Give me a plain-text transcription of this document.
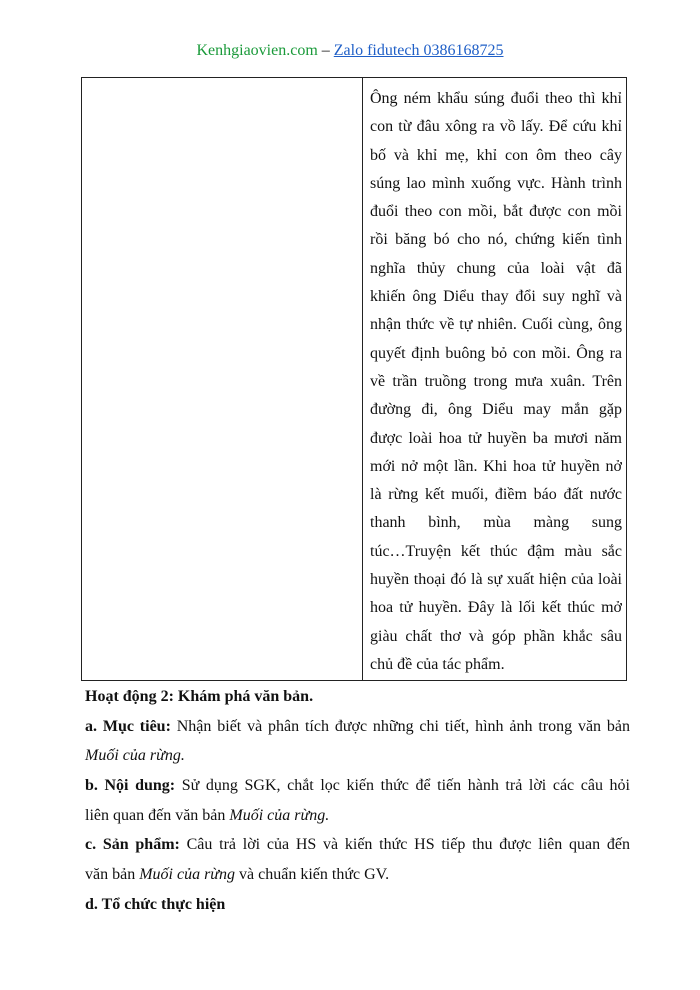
Kenhgiaovien.com – Zalo fidutech 0386168725
Ông ném khẩu súng đuổi theo thì khỉ
con từ đâu xông ra vồ lấy. Để cứu khỉ
bố và khỉ mẹ, khỉ con ôm theo cây
súng lao mình xuống vực. Hành trình
đuổi theo con mồi, bắt được con mồi
rồi băng bó cho nó, chứng kiến tình
nghĩa thủy chung của loài vật đã
khiến ông Diểu thay đổi suy nghĩ và
nhận thức về tự nhiên. Cuối cùng, ông
quyết định buông bỏ con mồi. Ông ra
về trần truồng trong mưa xuân. Trên
đường đi, ông Diểu may mắn gặp
được loài hoa tử huyền ba mươi năm
mới nở một lần. Khi hoa tử huyền nở
là rừng kết muối, điềm báo đất nước
thanh bình, mùa màng sung
túc…Truyện kết thúc đậm màu sắc
huyền thoại đó là sự xuất hiện của loài
hoa tử huyền. Đây là lối kết thúc mở
giàu chất thơ và góp phần khắc sâu
chủ đề của tác phẩm.
Hoạt động 2: Khám phá văn bản.
a. Mục tiêu: Nhận biết và phân tích được những chi tiết, hình ảnh trong văn bản
Muối của rừng.
b. Nội dung: Sử dụng SGK, chắt lọc kiến thức để tiến hành trả lời các câu hỏi
liên quan đến văn bản Muối của rừng.
c. Sản phẩm: Câu trả lời của HS và kiến thức HS tiếp thu được liên quan đến
văn bản Muối của rừng và chuẩn kiến thức GV.
d. Tổ chức thực hiện
